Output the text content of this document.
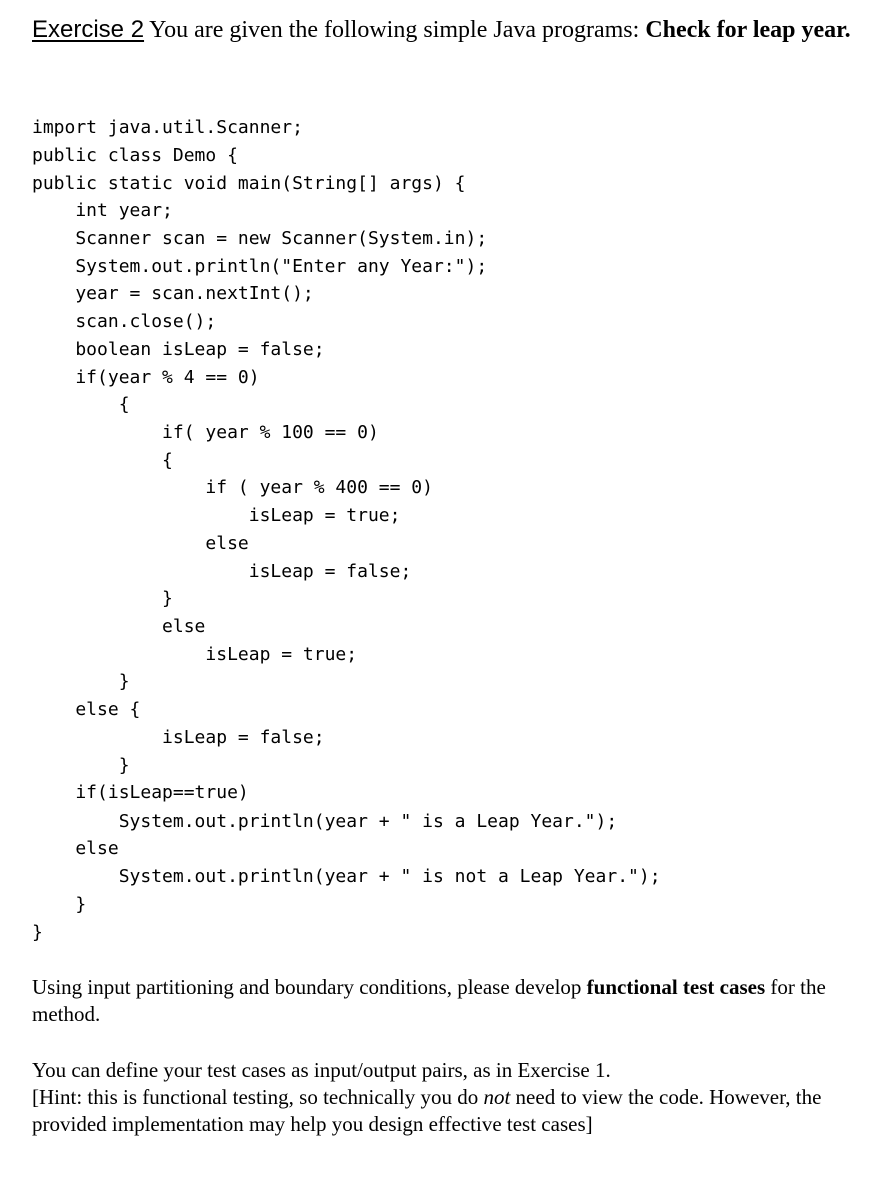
Exercise 2 You are given the following simple Java programs: Check for leap year.
import java.util.Scanner;
public class Demo {
public static void main(String[] args) {
int year;
Scanner scan = new Scanner(System.in);
System.out.println("Enter any Year:");
year = scan.nextInt();
scan.close();
boolean isLeap = false;
if(year % 4 == 0)
{
if( year % 100 == 0)
{
if ( year % 400 == 0)
isLeap = true;
else
isLeap = false;
}
else
isLeap = true;
}
else {
isLeap = false;
}
if(isLeap==true)
System.out.println(year + " is a Leap Year.");
else
System.out.println(year + " is not a Leap Year.");
}
}

Using input partitioning and boundary conditions, please develop functional test cases for the method.

You can define your test cases as input/output pairs, as in Exercise 1.
[Hint: this is functional testing, so technically you do not need to view the code. However, the provided implementation may help you design effective test cases]
